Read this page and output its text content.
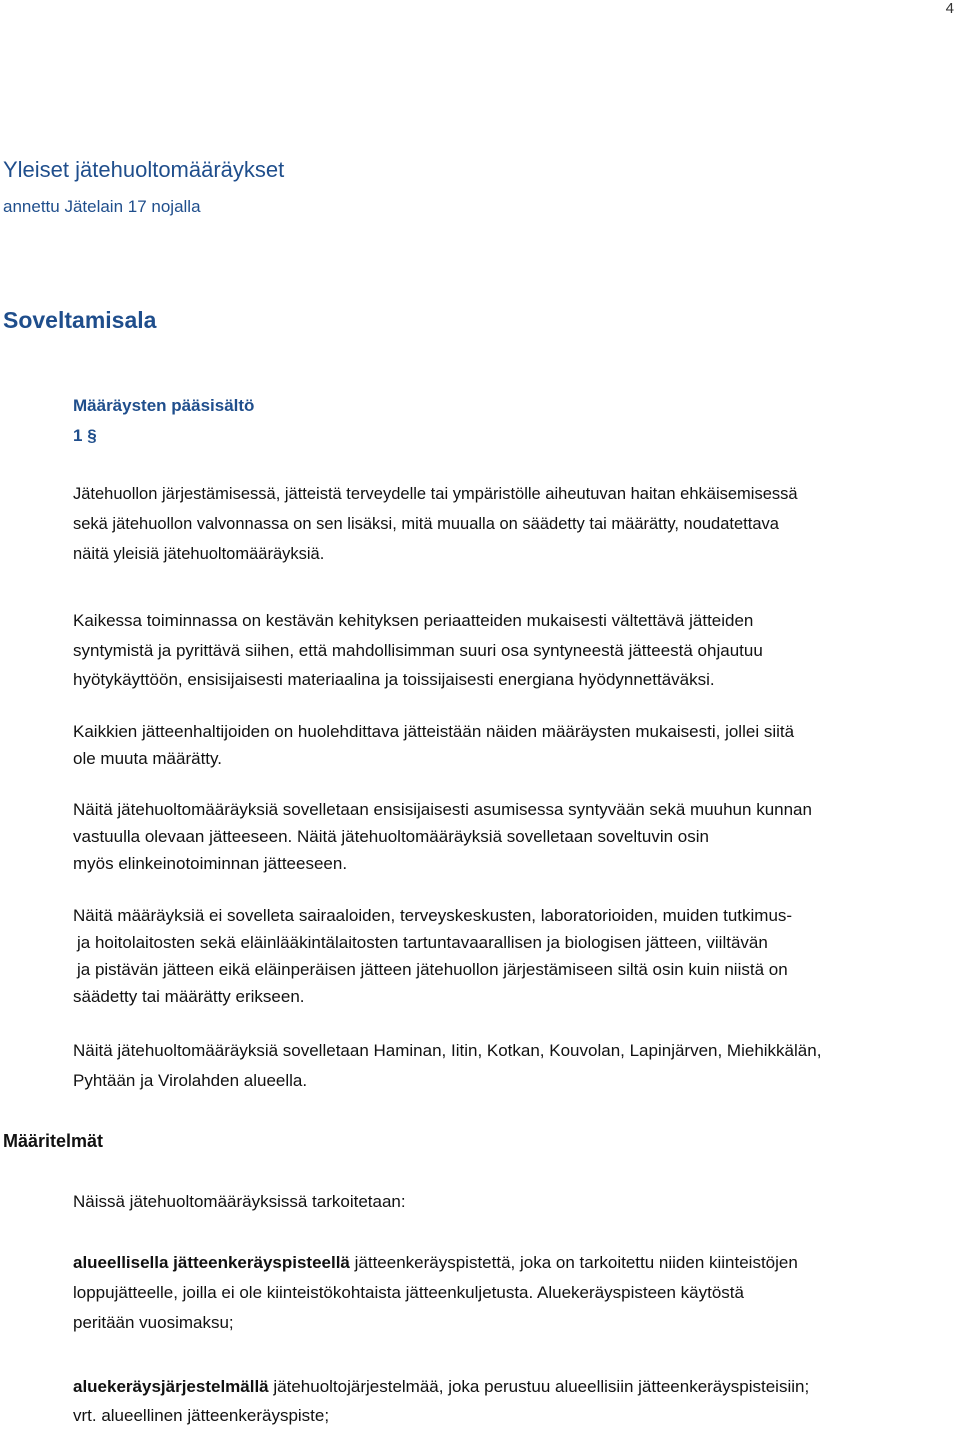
4
Yleiset jätehuoltomääräykset
annettu Jätelain 17 nojalla
Soveltamisala
Määräysten pääsisältö
1 §
Jätehuollon järjestämisessä, jätteistä terveydelle tai ympäristölle aiheutuvan haitan ehkäisemisessä
sekä jätehuollon valvonnassa on sen lisäksi, mitä muualla on säädetty tai määrätty, noudatettava
näitä yleisiä jätehuoltomääräyksiä.
Kaikessa toiminnassa on kestävän kehityksen periaatteiden mukaisesti vältettävä jätteiden
syntymistä ja pyrittävä siihen, että mahdollisimman suuri osa syntyneestä jätteestä ohjautuu
hyötykäyttöön, ensisijaisesti materiaalina ja toissijaisesti energiana hyödynnettäväksi.
Kaikkien jätteenhaltijoiden on huolehdittava jätteistään näiden määräysten mukaisesti, jollei siitä
ole muuta määrätty.
Näitä jätehuoltomääräyksiä sovelletaan ensisijaisesti asumisessa syntyvään sekä muuhun kunnan
vastuulla olevaan jätteeseen. Näitä jätehuoltomääräyksiä sovelletaan soveltuvin osin
myös elinkeinotoiminnan jätteeseen.
Näitä määräyksiä ei sovelleta sairaaloiden, terveyskeskusten, laboratorioiden, muiden tutkimus-
ja hoitolaitosten sekä eläinlääkintälaitosten tartuntavaarallisen ja biologisen jätteen, viiltävän
ja pistävän jätteen eikä eläinperäisen jätteen jätehuollon järjestämiseen siltä osin kuin niistä on
säädetty tai määrätty erikseen.
Näitä jätehuoltomääräyksiä sovelletaan Haminan, Iitin, Kotkan, Kouvolan, Lapinjärven, Miehikkälän,
Pyhtään ja Virolahden alueella.
Määritelmät
Näissä jätehuoltomääräyksissä tarkoitetaan:
alueellisella jätteenkeräyspisteellä jätteenkeräyspistettä, joka on tarkoitettu niiden kiinteistöjen
loppujätteelle, joilla ei ole kiinteistökohtaista jätteenkuljetusta. Aluekeräyspisteen käytöstä
peritään vuosimaksu;
aluekeräysjärjestelmällä jätehuoltojärjestelmää, joka perustuu alueellisiin jätteenkeräyspisteisiin;
vrt. alueellinen jätteenkeräyspiste;
